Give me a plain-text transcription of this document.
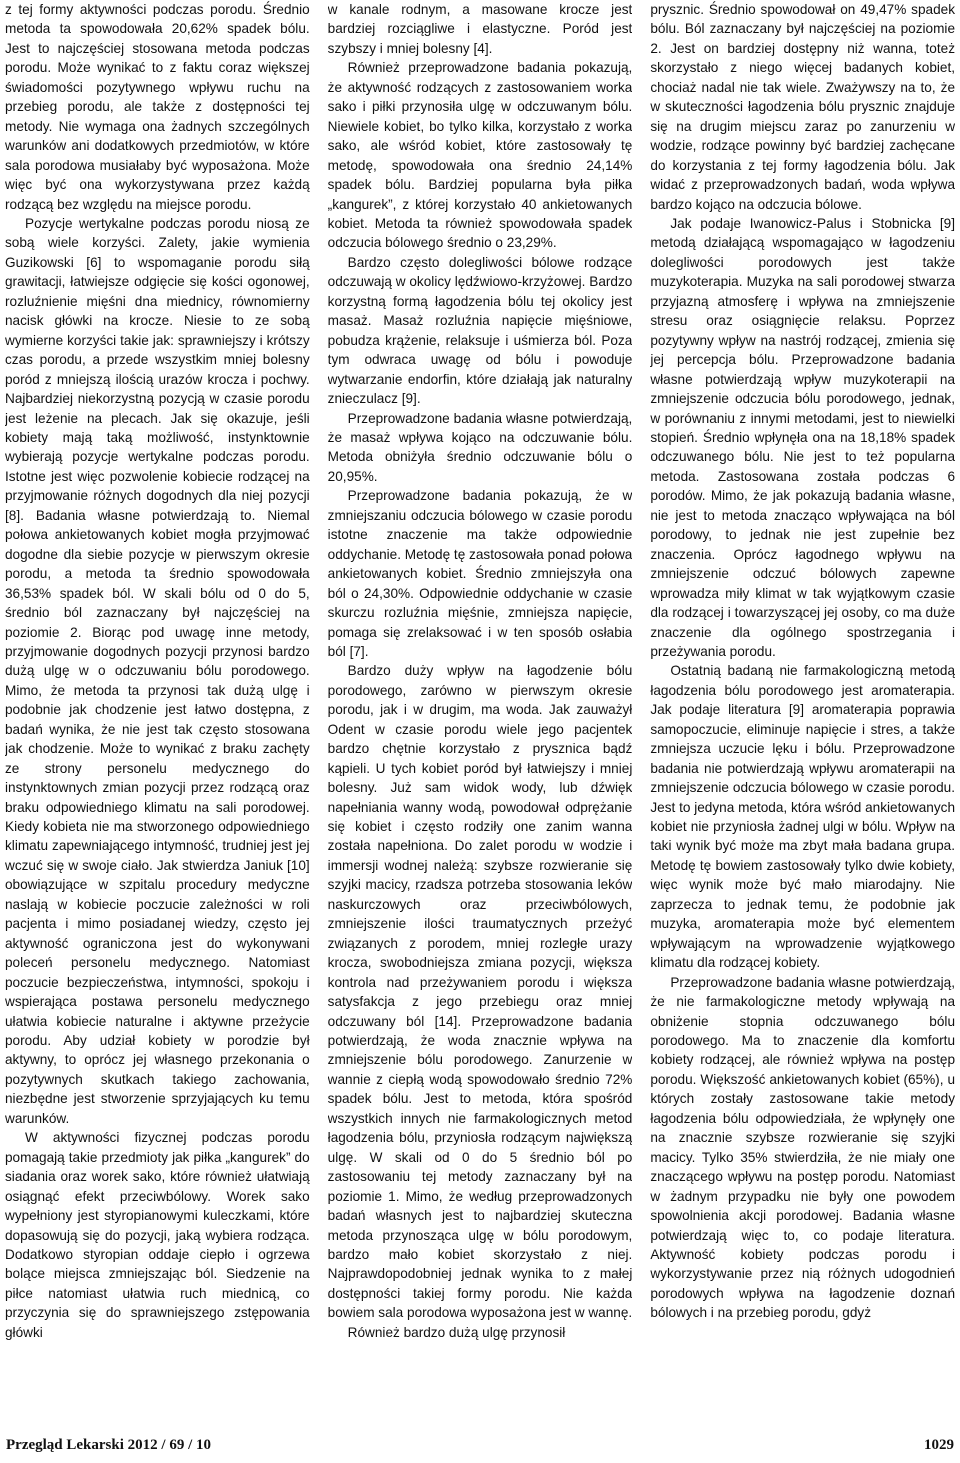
z tej formy aktywności podczas porodu. Średnio metoda ta spowodowała 20,62% spadek bólu. Jest to najczęściej stosowana metoda podczas porodu. Może wynikać to z faktu coraz większej świadomości pozytywnego wpływu ruchu na przebieg porodu, ale także z dostępności tej metody. Nie wymaga ona żadnych szczególnych warunków ani dodatkowych przedmiotów, w które sala porodowa musiałaby być wyposażona. Może więc być ona wykorzystywana przez każdą rodzącą bez względu na miejsce porodu.

Pozycje wertykalne podczas porodu niosą ze sobą wiele korzyści. Zalety, jakie wymienia Guzikowski [6] to wspomaganie porodu siłą grawitacji, łatwiejsze odgięcie się kości ogonowej, rozluźnienie mięśni dna miednicy, równomierny nacisk główki na krocze. Niesie to ze sobą wymierne korzyści takie jak: sprawniejszy i krótszy czas porodu, a przede wszystkim mniej bolesny poród z mniejszą ilością urazów krocza i pochwy. Najbardziej niekorzystną pozycją w czasie porodu jest leżenie na plecach. Jak się okazuje, jeśli kobiety mają taką możliwość, instynktownie wybierają pozycje wertykalne podczas porodu. Istotne jest więc pozwolenie kobiecie rodzącej na przyjmowanie różnych dogodnych dla niej pozycji [8]. Badania własne potwierdzają to. Niemal połowa ankietowanych kobiet mogła przyjmować dogodne dla siebie pozycje w pierwszym okresie porodu, a metoda ta średnio spowodowała 36,53% spadek ból. W skali bólu od 0 do 5, średnio ból zaznaczany był najczęściej na poziomie 2. Biorąc pod uwagę inne metody, przyjmowanie dogodnych pozycji przynosi bardzo dużą ulgę w o odczuwaniu bólu porodowego. Mimo, że metoda ta przynosi tak dużą ulgę i podobnie jak chodzenie jest łatwo dostępna, z badań wynika, że nie jest tak często stosowana jak chodzenie. Może to wynikać z braku zachęty ze strony personelu medycznego do instynktownych zmian pozycji przez rodzącą oraz braku odpowiedniego klimatu na sali porodowej. Kiedy kobieta nie ma stworzonego odpowiedniego klimatu zapewniającego intymność, trudniej jest jej wczuć się w swoje ciało. Jak stwierdza Janiuk [10] obowiązujące w szpitalu procedury medyczne naslają w kobiecie poczucie zależności w roli pacjenta i mimo posiadanej wiedzy, często jej aktywność ograniczona jest do wykonywani poleceń personelu medycznego. Natomiast poczucie bezpieczeństwa, intymności, spokoju i wspierająca postawa personelu medycznego ułatwia kobiecie naturalne i aktywne przeżycie porodu. Aby udział kobiety w porodzie był aktywny, to oprócz jej własnego przekonania o pozytywnych skutkach takiego zachowania, niezbędne jest stworzenie sprzyjających ku temu warunków.

W aktywności fizycznej podczas porodu pomagają takie przedmioty jak piłka „kangurek” do siadania oraz worek sako, które również ułatwiają osiągnąć efekt przeciwbólowy. Worek sako wypełniony jest styropianowymi kuleczkami, które dopasowują się do pozycji, jaką wybiera rodząca. Dodatkowo styropian oddaje ciepło i ogrzewa bolące miejsca zmniejszając ból. Siedzenie na piłce natomiast ułatwia ruch miednicą, co przyczynia się do sprawniejszego zstępowania główki

w kanale rodnym, a masowane krocze jest bardziej rozciągliwe i elastyczne. Poród jest szybszy i mniej bolesny [4].

Również przeprowadzone badania pokazują, że aktywność rodzących z zastosowaniem worka sako i piłki przynosiła ulgę w odczuwanym bólu. Niewiele kobiet, bo tylko kilka, korzystało z worka sako, ale wśród kobiet, które zastosowały tę metodę, spowodowała ona średnio 24,14% spadek bólu. Bardziej popularna była piłka „kangurek”, z której korzystało 40 ankietowanych kobiet. Metoda ta również spowodowała spadek odczucia bólowego średnio o 23,29%.

Bardzo często dolegliwości bólowe rodzące odczuwają w okolicy lędźwiowo-krzyżowej. Bardzo korzystną formą łagodzenia bólu tej okolicy jest masaż. Masaż rozluźnia napięcie mięśniowe, pobudza krążenie, relaksuje i uśmierza ból. Poza tym odwraca uwagę od bólu i powoduje wytwarzanie endorfin, które działają jak naturalny znieczulacz [9].

Przeprowadzone badania własne potwierdzają, że masaż wpływa kojąco na odczuwanie bólu. Metoda obniżyła średnio odczuwanie bólu o 20,95%.

Przeprowadzone badania pokazują, że w zmniejszaniu odczucia bólowego w czasie porodu istotne znaczenie ma także odpowiednie oddychanie. Metodę tę zastosowała ponad połowa ankietowanych kobiet. Średnio zmniejszyła ona ból o 24,30%. Odpowiednie oddychanie w czasie skurczu rozluźnia mięśnie, zmniejsza napięcie, pomaga się zrelaksować i w ten sposób osłabia ból [7].

Bardzo duży wpływ na łagodzenie bólu porodowego, zarówno w pierwszym okresie porodu, jak i w drugim, ma woda. Jak zauważył Odent w czasie porodu wiele jego pacjentek bardzo chętnie korzystało z prysznica bądź kąpieli. U tych kobiet poród był łatwiejszy i mniej bolesny. Już sam widok wody, lub dźwięk napełniania wanny wodą, powodował odprężanie się kobiet i często rodziły one zanim wanna została napełniona. Do zalet porodu w wodzie i immersji wodnej należą: szybsze rozwieranie się szyjki macicy, rzadsza potrzeba stosowania leków naskurczowych oraz przeciwbólowych, zmniejszenie ilości traumatycznych przeżyć związanych z porodem, mniej rozległe urazy krocza, swobodniejsza zmiana pozycji, większa kontrola nad przeżywaniem porodu i większa satysfakcja z jego przebiegu oraz mniej odczuwany ból [14]. Przeprowadzone badania potwierdzają, że woda znacznie wpływa na zmniejszenie bólu porodowego. Zanurzenie w wannie z ciepłą wodą spowodowało średnio 72% spadek bólu. Jest to metoda, która spośród wszystkich innych nie farmakologicznych metod łagodzenia bólu, przyniosła rodzącym największą ulgę. W skali od 0 do 5 średnio ból po zastosowaniu tej metody zaznaczany był na poziomie 1. Mimo, że według przeprowadzonych badań własnych jest to najbardziej skuteczna metoda przynosząca ulgę w bólu porodowym, bardzo mało kobiet skorzystało z niej. Najprawdopodobniej jednak wynika to z małej dostępności takiej formy porodu. Nie każda bowiem sala porodowa wyposażona jest w wannę.

Również bardzo dużą ulgę przynosił

prysznic. Średnio spowodował on 49,47% spadek bólu. Ból zaznaczany był najczęściej na poziomie 2. Jest on bardziej dostępny niż wanna, toteż skorzystało z niego więcej badanych kobiet, chociaż nadal nie tak wiele. Zważywszy na to, że w skuteczności łagodzenia bólu prysznic znajduje się na drugim miejscu zaraz po zanurzeniu w wodzie, rodzące powinny być bardziej zachęcane do korzystania z tej formy łagodzenia bólu. Jak widać z przeprowadzonych badań, woda wpływa bardzo kojąco na odczucia bólowe.

Jak podaje Iwanowicz-Palus i Stobnicka [9] metodą działającą wspomagająco w łagodzeniu dolegliwości porodowych jest także muzykoterapia. Muzyka na sali porodowej stwarza przyjazną atmosferę i wpływa na zmniejszenie stresu oraz osiągnięcie relaksu. Poprzez pozytywny wpływ na nastrój rodzącej, zmienia się jej percepcja bólu. Przeprowadzone badania własne potwierdzają wpływ muzykoterapii na zmniejszenie odczucia bólu porodowego, jednak, w porównaniu z innymi metodami, jest to niewielki stopień. Średnio wpłynęła ona na 18,18% spadek odczuwanego bólu. Nie jest to też popularna metoda. Zastosowana została podczas 6 porodów. Mimo, że jak pokazują badania własne, nie jest to metoda znacząco wpływająca na ból porodowy, to jednak nie jest zupełnie bez znaczenia. Oprócz łagodnego wpływu na zmniejszenie odczuć bólowych zapewne wprowadza miły klimat w tak wyjątkowym czasie dla rodzącej i towarzyszącej jej osoby, co ma duże znaczenie dla ogólnego spostrzegania i przeżywania porodu.

Ostatnią badaną nie farmakologiczną metodą łagodzenia bólu porodowego jest aromaterapia. Jak podaje literatura [9] aromaterapia poprawia samopoczucie, eliminuje napięcie i stres, a także zmniejsza uczucie lęku i bólu. Przeprowadzone badania nie potwierdzają wpływu aromaterapii na zmniejszenie odczucia bólowego w czasie porodu. Jest to jedyna metoda, która wśród ankietowanych kobiet nie przyniosła żadnej ulgi w bólu. Wpływ na taki wynik być może ma zbyt mała badana grupa. Metodę tę bowiem zastosowały tylko dwie kobiety, więc wynik może być mało miarodajny. Nie zaprzecza to jednak temu, że podobnie jak muzyka, aromaterapia może być elementem wpływającym na wprowadzenie wyjątkowego klimatu dla rodzącej kobiety.

Przeprowadzone badania własne potwierdzają, że nie farmakologiczne metody wpływają na obniżenie stopnia odczuwanego bólu porodowego. Ma to znaczenie dla komfortu kobiety rodzącej, ale również wpływa na postęp porodu. Większość ankietowanych kobiet (65%), u których zostały zastosowane takie metody łagodzenia bólu odpowiedziała, że wpłynęły one na znacznie szybsze rozwieranie się szyjki macicy. Tylko 35% stwierdziła, że nie miały one znaczącego wpływu na postęp porodu. Natomiast w żadnym przypadku nie były one powodem spowolnienia akcji porodowej. Badania własne potwierdzają więc to, co podaje literatura. Aktywność kobiety podczas porodu i wykorzystywanie przez nią różnych udogodnień porodowych wpływa na łagodzenie doznań bólowych i na przebieg porodu, gdyż

Przegląd Lekarski 2012 / 69 / 10	1029
